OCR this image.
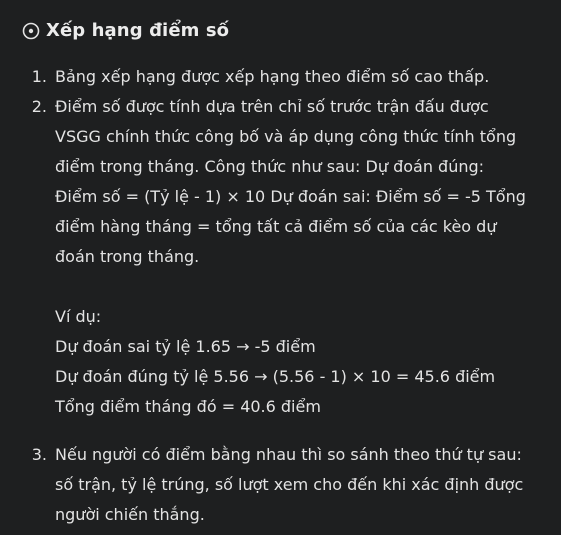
Xếp hạng điểm số
1. Bảng xếp hạng được xếp hạng theo điểm số cao thấp.
2. Điểm số được tính dựa trên chỉ số trước trận đấu được
VSGG chính thức công bố và áp dụng công thức tính tổng
điểm trong tháng. Công thức như sau: Dự đoán đúng:
Điểm số = (Tỷ lệ - 1) × 10 Dự đoán sai: Điểm số = -5 Tổng
điểm hàng tháng = tổng tất cả điểm số của các kèo dự
đoán trong tháng.
Ví dụ:
Dự đoán sai tỷ lệ 1.65 → -5 điểm
Dự đoán đúng tỷ lệ 5.56 → (5.56 - 1) × 10 = 45.6 điểm
Tổng điểm tháng đó = 40.6 điểm
3. Nếu người có điểm bằng nhau thì so sánh theo thứ tự sau:
số trận, tỷ lệ trúng, số lượt xem cho đến khi xác định được
người chiến thắng.
